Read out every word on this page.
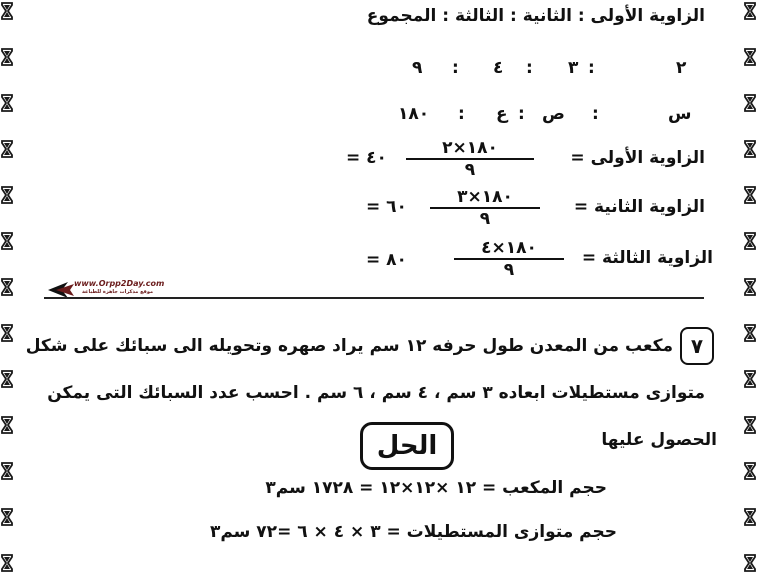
الزاوية الأولى : الثانية : الثالثة : المجموع
٢
:
٣
:
٤
:
٩
س
:
ص
:
ع
:
١٨٠
الزاوية الأولى =
١٨٠×٢
٩
= ٤٠
الزاوية الثانية =
١٨٠×٣
٩
= ٦٠
الزاوية الثالثة =
١٨٠×٤
٩
= ٨٠
www.Orpp2Day.com
موقع مذكرات جاهزة للطباعة
٧
مكعب من المعدن طول حرفه ١٢ سم يراد صهره وتحويله الى سبائك على شكل
متوازى مستطيلات ابعاده ٣ سم ، ٤ سم ، ٦ سم . احسب عدد السبائك التى يمكن
الحصول عليها
الحل
حجم المكعب = ١٢ ×١٢×١٢ = ١٧٢٨ سم٣
حجم متوازى المستطيلات = ٣ × ٤ × ٦ =٧٢ سم٣
